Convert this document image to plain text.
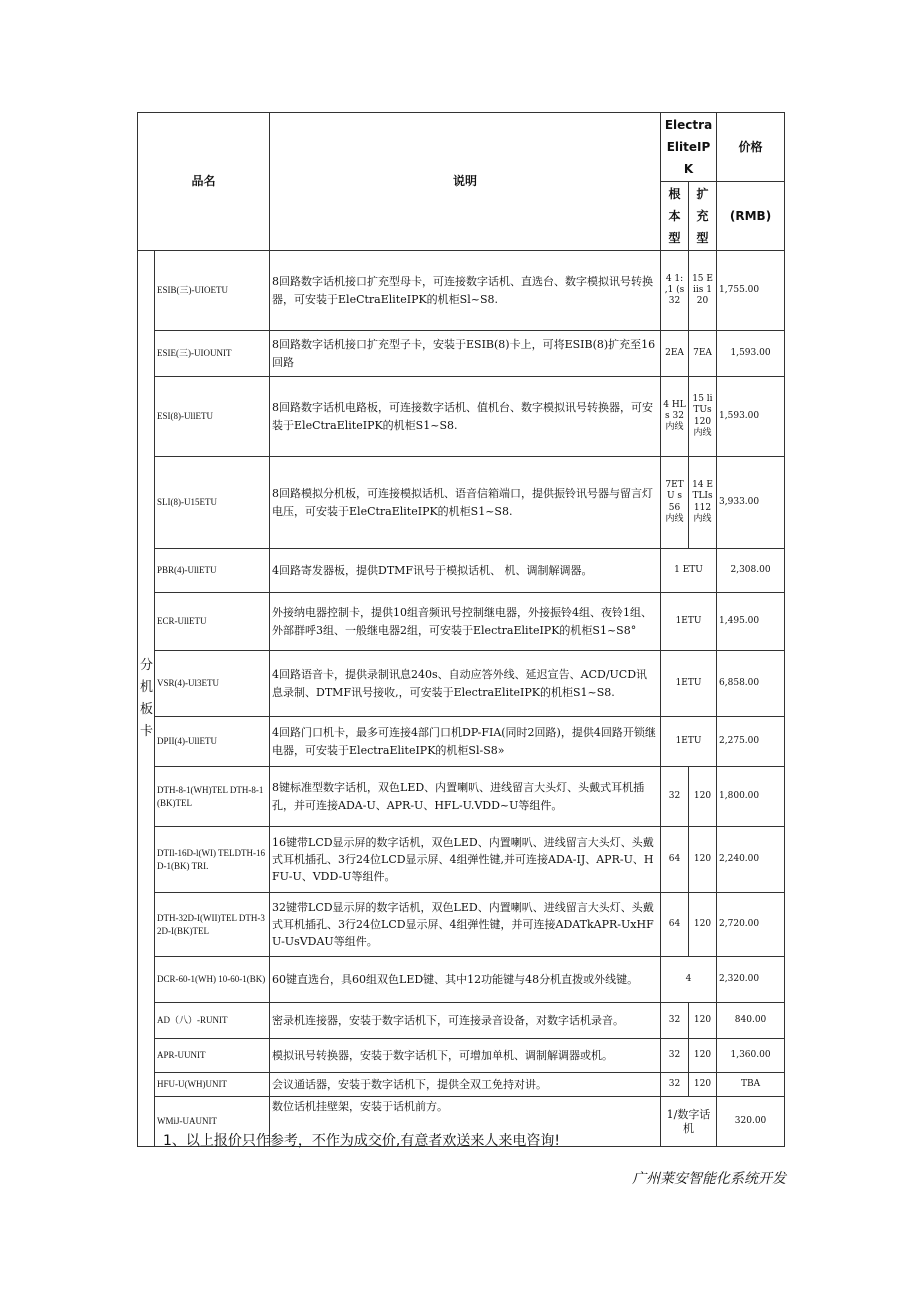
品名		说明	Electra EliteIPK		价格
			根本型	扩充型	(RMB)
分机板卡	ESIB(三)-UIOETU	8回路数字话机接口扩充型母卡，可连接数字话机、直选台、数字模拟讯号转换器，可安装于EleCtraEliteIPK的机柜Sl~S8.	4 1: ,1 (s 32	15 Eiis 120	1,755.00
	ESIE(三)-UIOUNIT	8回路数字话机接口扩充型子卡，安装于ESIB(8)卡上，可将ESIB(8)扩充至16回路	2EA	7EA	1,593.00
	ESI(8)-UllETU	8回路数字话机电路板，可连接数字话机、值机台、数字模拟讯号转换器，可安装于EleCtraEliteIPK的机柜S1~S8.	4 HLs 32内线	15 liTUs 120 内线	1,593.00
	SLI(8)-U15ETU	8回路模拟分机板，可连接模拟话机、语音信箱端口，提供振铃讯号器与留言灯电压，可安装于EleCtraEliteIPK的机柜S1~S8.	7ETU s 56 内线	14 ETLIs 112 内线	3,933.00
	PBR(4)-UllETU	4回路寄发器板，提供DTMF讯号于模拟话机、 机、调制解调器。	1 ETU		2,308.00
	ECR-UllETU	外接纳电器控制卡，提供10组音频讯号控制继电器，外接振铃4组、夜铃1组、外部群呼3组、一般继电器2组，可安装于ElectraEliteIPK的机柜S1~S8°	1ETU		1,495.00
	VSR(4)-Ul3ETU	4回路语音卡，提供录制讯息240s、自动应答外线、延迟宣告、ACD/UCD讯息录制、DTMF讯号接收,，可安装于ElectraEliteIPK的机柜S1~S8.	1ETU		6,858.00
	DPII(4)-UllETU	4回路门口机卡，最多可连接4部门口机DP-FIA(同时2回路)，提供4回路开锁继电器，可安装于ElectraEliteIPK的机柜Sl-S8»	1ETU		2,275.00
	DTH-8-1(WH)TEL DTH-8-1(BK)TEL	8键标准型数字话机，双色LED、内置喇叭、进线留言大头灯、头戴式耳机插孔，并可连接ADA-U、APR-U、HFL-U.VDD~U等组件。	32	120	1,800.00
	DTIl-16D-l(WI) TELDTH-16D-1(BK) TRI.	16键带LCD显示屏的数字话机，双色LED、内置喇叭、进线留言大头灯、头戴式耳机插孔、3行24位LCD显示屏、4组弹性键,并可连接ADA-IJ、APR-U、HFU-U、VDD-U等组件。	64	120	2,240.00
	DTH-32D-I(WII)TEL DTH-32D-I(BK)TEL	32键带LCD显示屏的数字话机，双色LED、内置喇叭、进线留言大头灯、头戴式耳机插孔、3行24位LCD显示屏、4组弹性键，并可连接ADATkAPR-UxHFU-UsVDAU等组件。	64	120	2,720.00
	DCR-60-1(WH) 10-60-1(BK)	60键直选台，具60组双色LED键、其中12功能键与48分机直拨或外线键。	4		2,320.00
	AD（八）-RUNIT	密录机连接器，安装于数字话机下，可连接录音设备，对数字话机录音。	32	120	840.00
	APR-UUNIT	模拟讯号转换器，安装于数字话机下，可增加单机、调制解调器或机。	32	120	1,360.00
	HFU-U(WH)UNIT	会议通话器，安装于数字话机下，提供全双工免持对讲。	32	120	TBA
	WMiJ-UAUNIT	数位话机挂壁架，安装于话机前方。	1/数字话机		320.00
1、以上报价只作参考，不作为成交价,有意者欢送来人来电咨询!
广州莱安智能化系统开发
